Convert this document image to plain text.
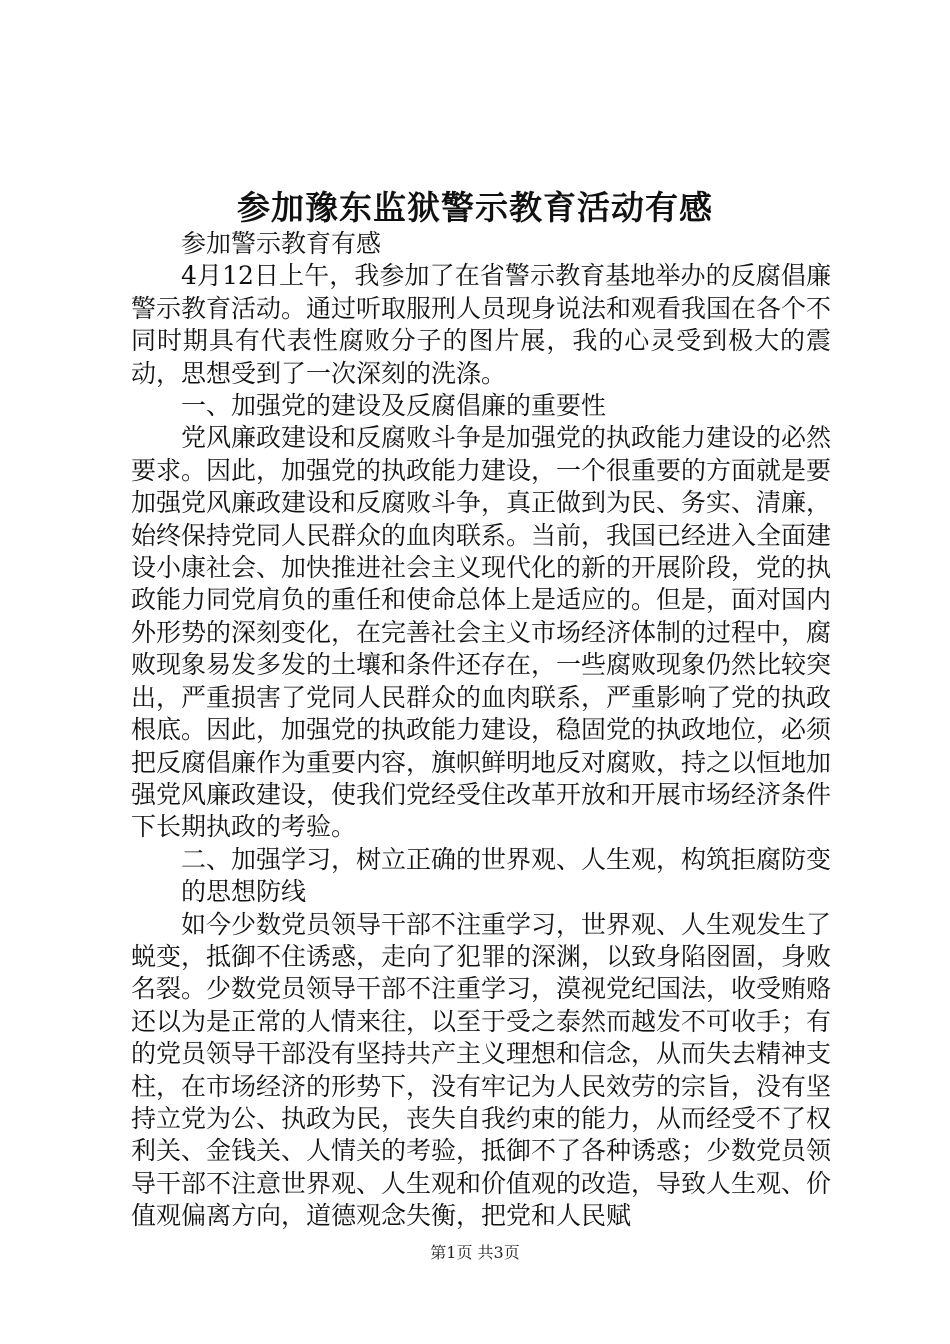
参加豫东监狱警示教育活动有感

参加警示教育有感

4月12日上午，我参加了在省警示教育基地举办的反腐倡廉警示教育活动。通过听取服刑人员现身说法和观看我国在各个不同时期具有代表性腐败分子的图片展，我的心灵受到极大的震动，思想受到了一次深刻的洗涤。

一、加强党的建设及反腐倡廉的重要性

党风廉政建设和反腐败斗争是加强党的执政能力建设的必然要求。因此，加强党的执政能力建设，一个很重要的方面就是要加强党风廉政建设和反腐败斗争，真正做到为民、务实、清廉，始终保持党同人民群众的血肉联系。当前，我国已经进入全面建设小康社会、加快推进社会主义现代化的新的开展阶段，党的执政能力同党肩负的重任和使命总体上是适应的。但是，面对国内外形势的深刻变化，在完善社会主义市场经济体制的过程中，腐败现象易发多发的土壤和条件还存在，一些腐败现象仍然比较突出，严重损害了党同人民群众的血肉联系，严重影响了党的执政根底。因此，加强党的执政能力建设，稳固党的执政地位，必须把反腐倡廉作为重要内容，旗帜鲜明地反对腐败，持之以恒地加强党风廉政建设，使我们党经受住改革开放和开展市场经济条件下长期执政的考验。

二、加强学习，树立正确的世界观、人生观，构筑拒腐防变的思想防线

如今少数党员领导干部不注重学习，世界观、人生观发生了蜕变，抵御不住诱惑，走向了犯罪的深渊，以致身陷囹圄，身败名裂。少数党员领导干部不注重学习，漠视党纪国法，收受贿赂还以为是正常的人情来往，以至于受之泰然而越发不可收手；有的党员领导干部没有坚持共产主义理想和信念，从而失去精神支柱，在市场经济的形势下，没有牢记为人民效劳的宗旨，没有坚持立党为公、执政为民，丧失自我约束的能力，从而经受不了权利关、金钱关、人情关的考验，抵御不了各种诱惑；少数党员领导干部不注意世界观、人生观和价值观的改造，导致人生观、价值观偏离方向，道德观念失衡，把党和人民赋

第1页 共3页
